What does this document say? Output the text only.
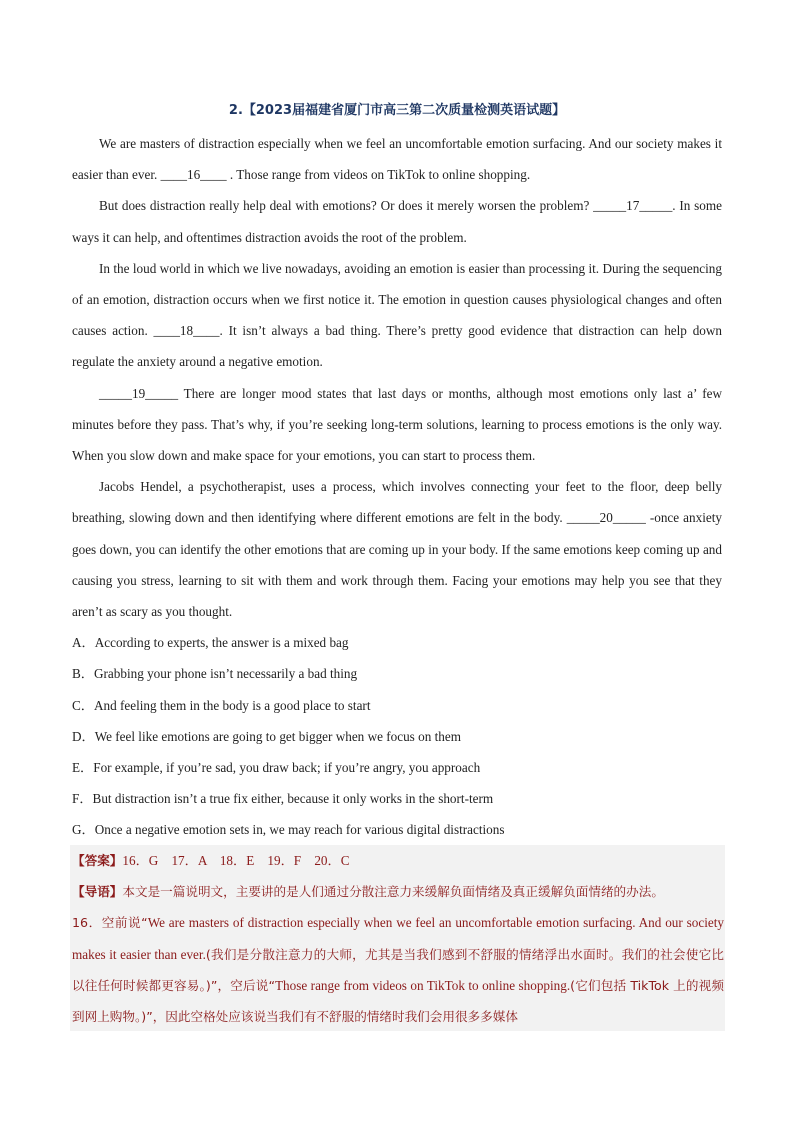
2.【2023届福建省厦门市高三第二次质量检测英语试题】

We are masters of distraction especially when we feel an uncomfortable emotion surfacing. And our society makes it easier than ever. ____16____ . Those range from videos on TikTok to online shopping.

But does distraction really help deal with emotions? Or does it merely worsen the problem? _____17_____. In some ways it can help, and oftentimes distraction avoids the root of the problem.

In the loud world in which we live nowadays, avoiding an emotion is easier than processing it. During the sequencing of an emotion, distraction occurs when we first notice it. The emotion in question causes physiological changes and often causes action. ____18____. It isn’t always a bad thing. There’s pretty good evidence that distraction can help down regulate the anxiety around a negative emotion.

_____19_____ There are longer mood states that last days or months, although most emotions only last a’ few minutes before they pass. That’s why, if you’re seeking long-term solutions, learning to process emotions is the only way. When you slow down and make space for your emotions, you can start to process them.

Jacobs Hendel, a psychotherapist, uses a process, which involves connecting your feet to the floor, deep belly breathing, slowing down and then identifying where different emotions are felt in the body. _____20_____ -once anxiety goes down, you can identify the other emotions that are coming up in your body. If the same emotions keep coming up and causing you stress, learning to sit with them and work through them. Facing your emotions may help you see that they aren’t as scary as you thought.

A．According to experts, the answer is a mixed bag

B．Grabbing your phone isn’t necessarily a bad thing

C．And feeling them in the body is a good place to start

D．We feel like emotions are going to get bigger when we focus on them

E．For example, if you’re sad, you draw back; if you’re angry, you approach

F．But distraction isn’t a true fix either, because it only works in the short-term

G．Once a negative emotion sets in, we may reach for various digital distractions

【答案】16．G　17．A　18．E　19．F　20．C

【导语】本文是一篇说明文，主要讲的是人们通过分散注意力来缓解负面情绪及真正缓解负面情绪的办法。

16．空前说“We are masters of distraction especially when we feel an uncomfortable emotion surfacing. And our society makes it easier than ever.(我们是分散注意力的大师，尤其是当我们感到不舒服的情绪浮出水面时。我们的社会使它比以往任何时候都更容易。)”，空后说“Those range from videos on TikTok to online shopping.(它们包括 TikTok 上的视频到网上购物。)”，因此空格处应该说当我们有不舒服的情绪时我们会用很多多媒体
